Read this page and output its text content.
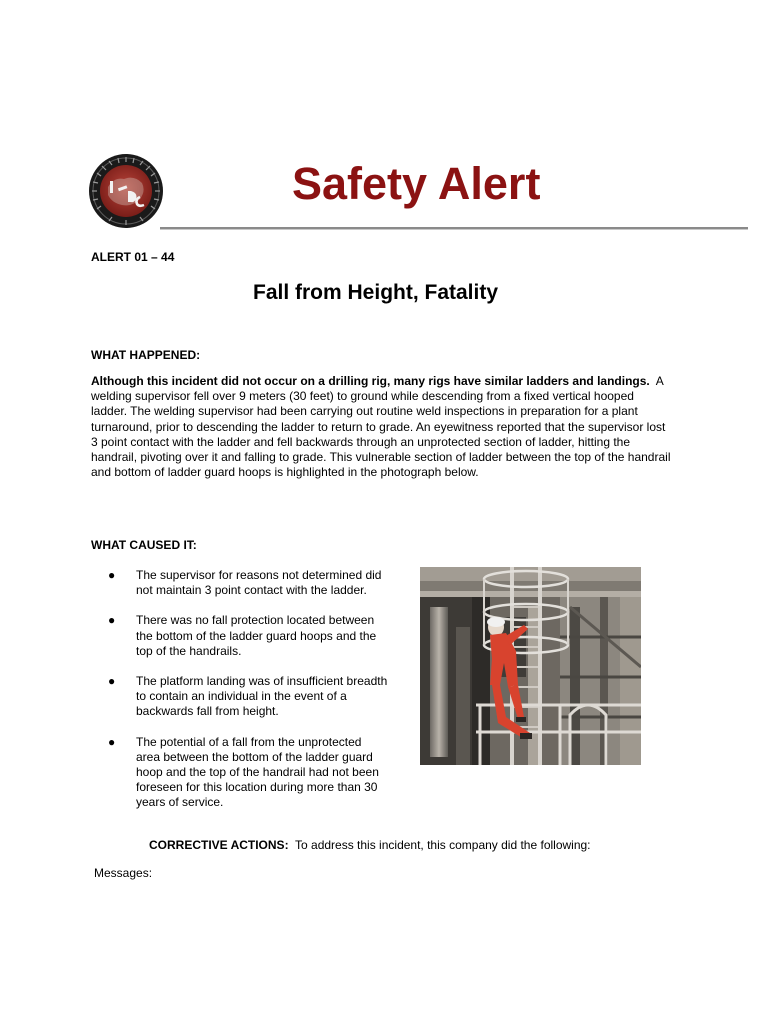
Safety Alert
ALERT 01 – 44
Fall from Height, Fatality
WHAT HAPPENED:
Although this incident did not occur on a drilling rig, many rigs have similar ladders and landings. A welding supervisor fell over 9 meters (30 feet) to ground while descending from a fixed vertical hooped ladder. The welding supervisor had been carrying out routine weld inspections in preparation for a plant turnaround, prior to descending the ladder to return to grade. An eyewitness reported that the supervisor lost 3 point contact with the ladder and fell backwards through an unprotected section of ladder, hitting the handrail, pivoting over it and falling to grade. This vulnerable section of ladder between the top of the handrail and bottom of ladder guard hoops is highlighted in the photograph below.
WHAT CAUSED IT:
● The supervisor for reasons not determined did not maintain 3 point contact with the ladder.
● There was no fall protection located between the bottom of the ladder guard hoops and the top of the handrails.
● The platform landing was of insufficient breadth to contain an individual in the event of a backwards fall from height.
● The potential of a fall from the unprotected area between the bottom of the ladder guard hoop and the top of the handrail had not been foreseen for this location during more than 30 years of service.
CORRECTIVE ACTIONS: To address this incident, this company did the following:
Messages:
